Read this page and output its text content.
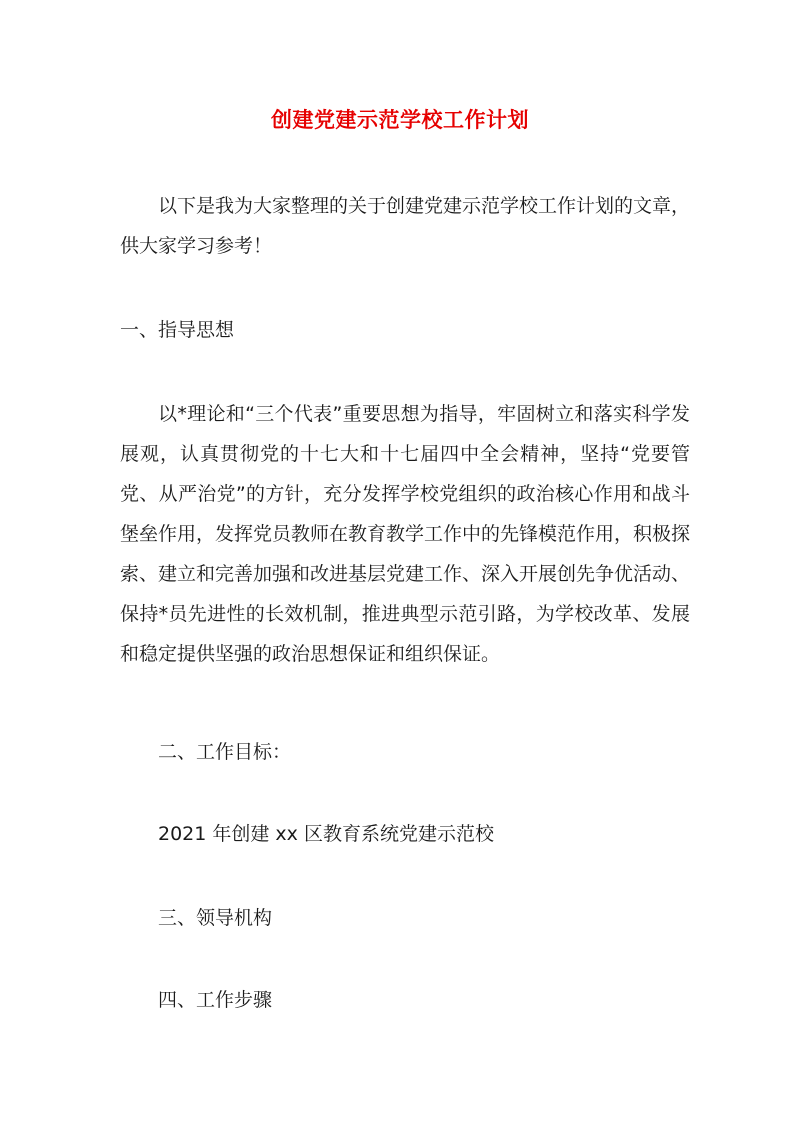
创建党建示范学校工作计划

以下是我为大家整理的关于创建党建示范学校工作计划的文章，供大家学习参考！

一、指导思想

以*理论和“三个代表”重要思想为指导，牢固树立和落实科学发展观，认真贯彻党的十七大和十七届四中全会精神，坚持“党要管党、从严治党”的方针，充分发挥学校党组织的政治核心作用和战斗堡垒作用，发挥党员教师在教育教学工作中的先锋模范作用，积极探索、建立和完善加强和改进基层党建工作、深入开展创先争优活动、保持*员先进性的长效机制，推进典型示范引路，为学校改革、发展和稳定提供坚强的政治思想保证和组织保证。

二、工作目标：

2021 年创建 xx 区教育系统党建示范校

三、领导机构

四、工作步骤
